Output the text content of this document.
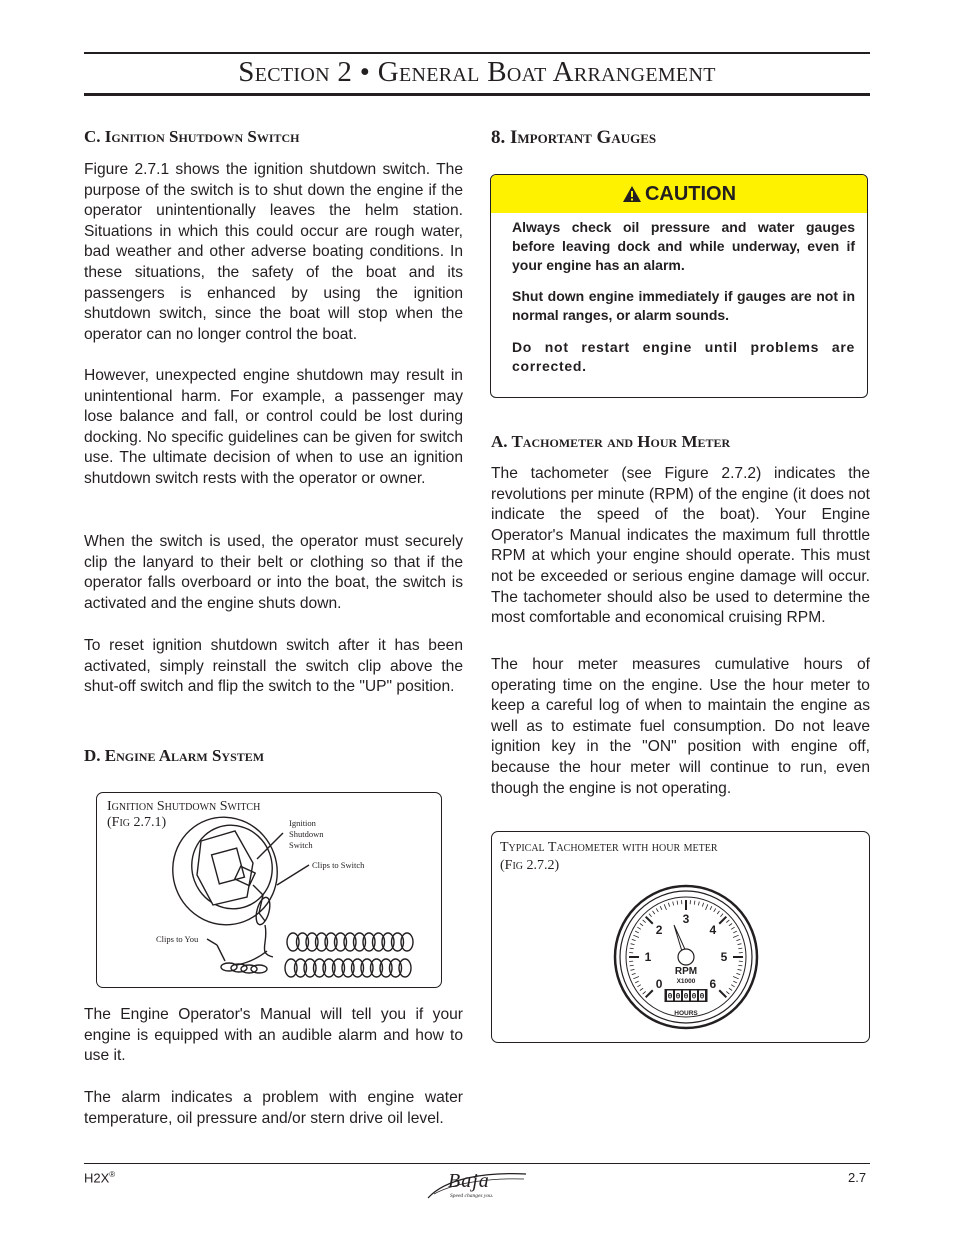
Section 2 • General Boat Arrangement
C. Ignition Shutdown Switch

Figure 2.7.1 shows the ignition shutdown switch. The purpose of the switch is to shut down the engine if the operator unintentionally leaves the helm station. Situations in which this could occur are rough water, bad weather and other adverse boating conditions. In these situations, the safety of the boat and its passengers is enhanced by using the ignition shutdown switch, since the boat will stop when the operator can no longer control the boat.

However, unexpected engine shutdown may result in unintentional harm. For example, a passenger may lose balance and fall, or control could be lost during docking. No specific guidelines can be given for switch use. The ultimate decision of when to use an ignition shutdown switch rests with the operator or owner.

When the switch is used, the operator must securely clip the lanyard to their belt or clothing so that if the operator falls overboard or into the boat, the switch is activated and the engine shuts down.

To reset ignition shutdown switch after it has been activated, simply reinstall the switch clip above the shut-off switch and flip the switch to the "UP" position.

D. Engine Alarm System
Ignition Shutdown Switch
(Fig 2.7.1)	Ignition
Shutdown
Switch
Clips to Switch
Clips to You

The Engine Operator's Manual will tell you if your engine is equipped with an audible alarm and how to use it.

The alarm indicates a problem with engine water temperature, oil pressure and/or stern drive oil level.

8. Important Gauges
CAUTION

Always check oil pressure and water gauges before leaving dock and while underway, even if your engine has an alarm.

Shut down engine immediately if gauges are not in normal ranges, or alarm sounds.

Do not restart engine until problems are corrected.

A. Tachometer and Hour Meter

The tachometer (see Figure 2.7.2) indicates the revolutions per minute (RPM) of the engine (it does not indicate the speed of the boat). Your Engine Operator's Manual indicates the maximum full throttle RPM at which your engine should operate. This must not be exceeded or serious engine damage will occur. The tachometer should also be used to determine the most comfortable and economical cruising RPM.

The hour meter measures cumulative hours of operating time on the engine. Use the hour meter to keep a careful log of when to maintain the engine as well as to estimate fuel consumption. Do not leave ignition key in the "ON" position with engine off, because the hour meter will continue to run, even though the engine is not operating.

Typical Tachometer with hour meter
(Fig 2.7.2)
0
1
2
3
4
5
6
RPM
X1000
0 0 0 0 0
HOURS
H2X®	Baja
Speed changes you.
2.7
